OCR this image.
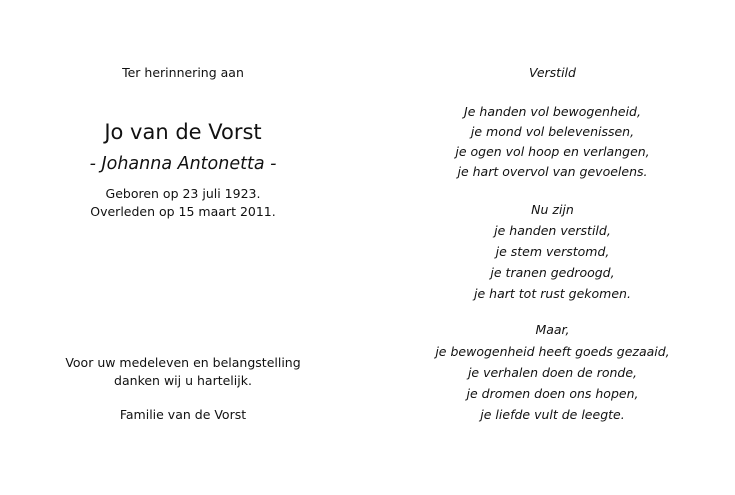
Ter herinnering aan
Jo van de Vorst
- Johanna Antonetta -
Geboren op 23 juli 1923.
Overleden op 15 maart 2011.
Voor uw medeleven en belangstelling
danken wij u hartelijk.
Familie van de Vorst
Verstild
Je handen vol bewogenheid,
je mond vol belevenissen,
je ogen vol hoop en verlangen,
je hart overvol van gevoelens.
Nu zijn
je handen verstild,
je stem verstomd,
je tranen gedroogd,
je hart tot rust gekomen.
Maar,
je bewogenheid heeft goeds gezaaid,
je verhalen doen de ronde,
je dromen doen ons hopen,
je liefde vult de leegte.
